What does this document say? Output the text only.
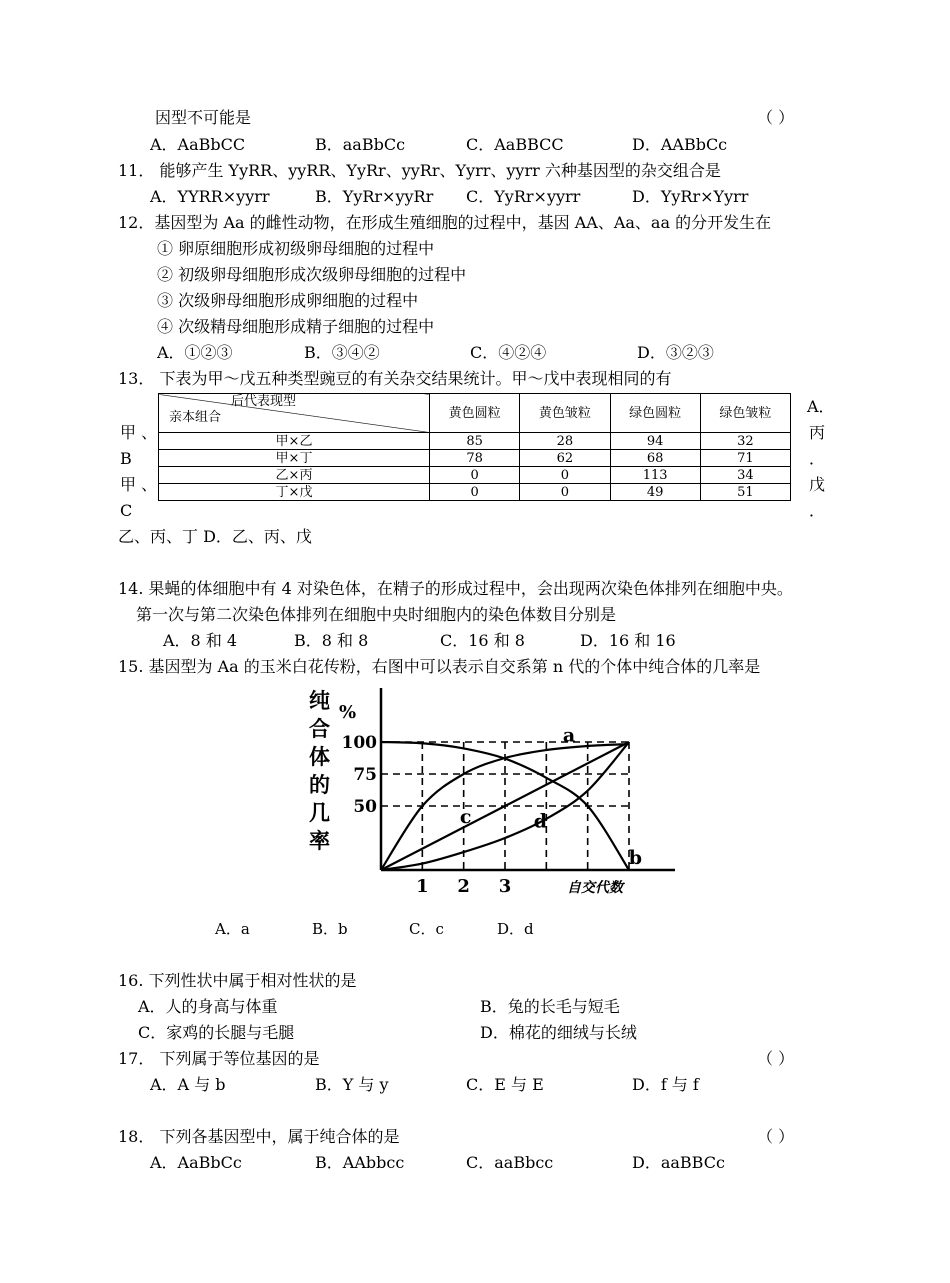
因型不可能是	（ ）
A．AaBbCC	B．aaBbCc	C．AaBBCC	D．AABbCc
11． 能够产生 YyRR、yyRR、YyRr、yyRr、Yyrr、yyrr 六种基因型的杂交组合是
A．YYRR×yyrr	B．YyRr×yyRr C．YyRr×yyrr	D．YyRr×Yyrr
12．基因型为 Aa 的雌性动物，在形成生殖细胞的过程中，基因 AA、Aa、aa 的分开发生在
① 卵原细胞形成初级卵母细胞的过程中
② 初级卵母细胞形成次级卵母细胞的过程中
③ 次级卵母细胞形成卵细胞的过程中
④ 次级精母细胞形成精子细胞的过程中
A．①②③	B．③④②	C．④②④	D．③②③
13． 下表为甲～戊五种类型豌豆的有关杂交结果统计。甲～戊中表现相同的有
甲 、
B
甲 、
C
A．
丙
．
戊
．
后代表现型
亲本组合	黄色圆粒	黄色皱粒	绿色圆粒	绿色皱粒
甲×乙	85	28	94	32
甲×丁	78	62	68	71
乙×丙	0	0	113	34
丁×戊	0	0	49	51
乙、丙、丁 D．乙、丙、戊
14. 果蝇的体细胞中有 4 对染色体，在精子的形成过程中，会出现两次染色体排列在细胞中央。
第一次与第二次染色体排列在细胞中央时细胞内的染色体数目分别是
A．8 和 4	B．8 和 8	C．16 和 8	D．16 和 16
15. 基因型为 Aa 的玉米白花传粉，右图中可以表示自交系第 n 代的个体中纯合体的几率是
纯
合
体
的
几
率
%
自交代数
100
75
50
1 2 3
a
b
c	d
A．a	B．b	C．c	D．d
16. 下列性状中属于相对性状的是
A．人的身高与体重	B．兔的长毛与短毛
C．家鸡的长腿与毛腿	D．棉花的细绒与长绒
17． 下列属于等位基因的是	（ ）
A．A 与 b	B．Y 与 y	C．E 与 E	D．f 与 f
18． 下列各基因型中，属于纯合体的是	（ ）
A．AaBbCc	B．AAbbcc	C．aaBbcc	D．aaBBCc
